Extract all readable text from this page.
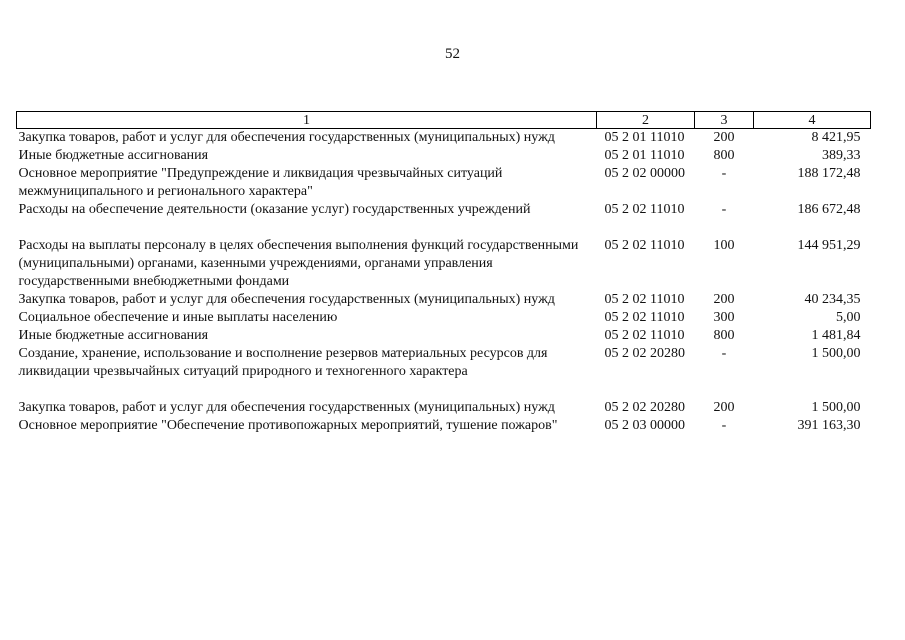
52
1	2	3	4
Закупка товаров, работ и услуг для обеспечения государственных (муниципальных) нужд	05 2 01 11010	200	8 421,95
Иные бюджетные ассигнования	05 2 01 11010	800	389,33
Основное мероприятие "Предупреждение и ликвидация чрезвычайных ситуаций межмуниципального и регионального характера"	05 2 02 00000	-	188 172,48
Расходы на обеспечение деятельности (оказание услуг) государственных учреждений	05 2 02 11010	-	186 672,48
Расходы на выплаты персоналу в целях обеспечения выполнения функций государственными (муниципальными) органами, казенными учреждениями, органами управления государственными внебюджетными фондами	05 2 02 11010	100	144 951,29
Закупка товаров, работ и услуг для обеспечения государственных (муниципальных) нужд	05 2 02 11010	200	40 234,35
Социальное обеспечение и иные выплаты населению	05 2 02 11010	300	5,00
Иные бюджетные ассигнования	05 2 02 11010	800	1 481,84
Создание, хранение, использование и восполнение резервов материальных ресурсов для ликвидации чрезвычайных ситуаций природного и техногенного характера	05 2 02 20280	-	1 500,00
Закупка товаров, работ и услуг для обеспечения государственных (муниципальных) нужд	05 2 02 20280	200	1 500,00
Основное мероприятие "Обеспечение противопожарных мероприятий, тушение пожаров"	05 2 03 00000	-	391 163,30
